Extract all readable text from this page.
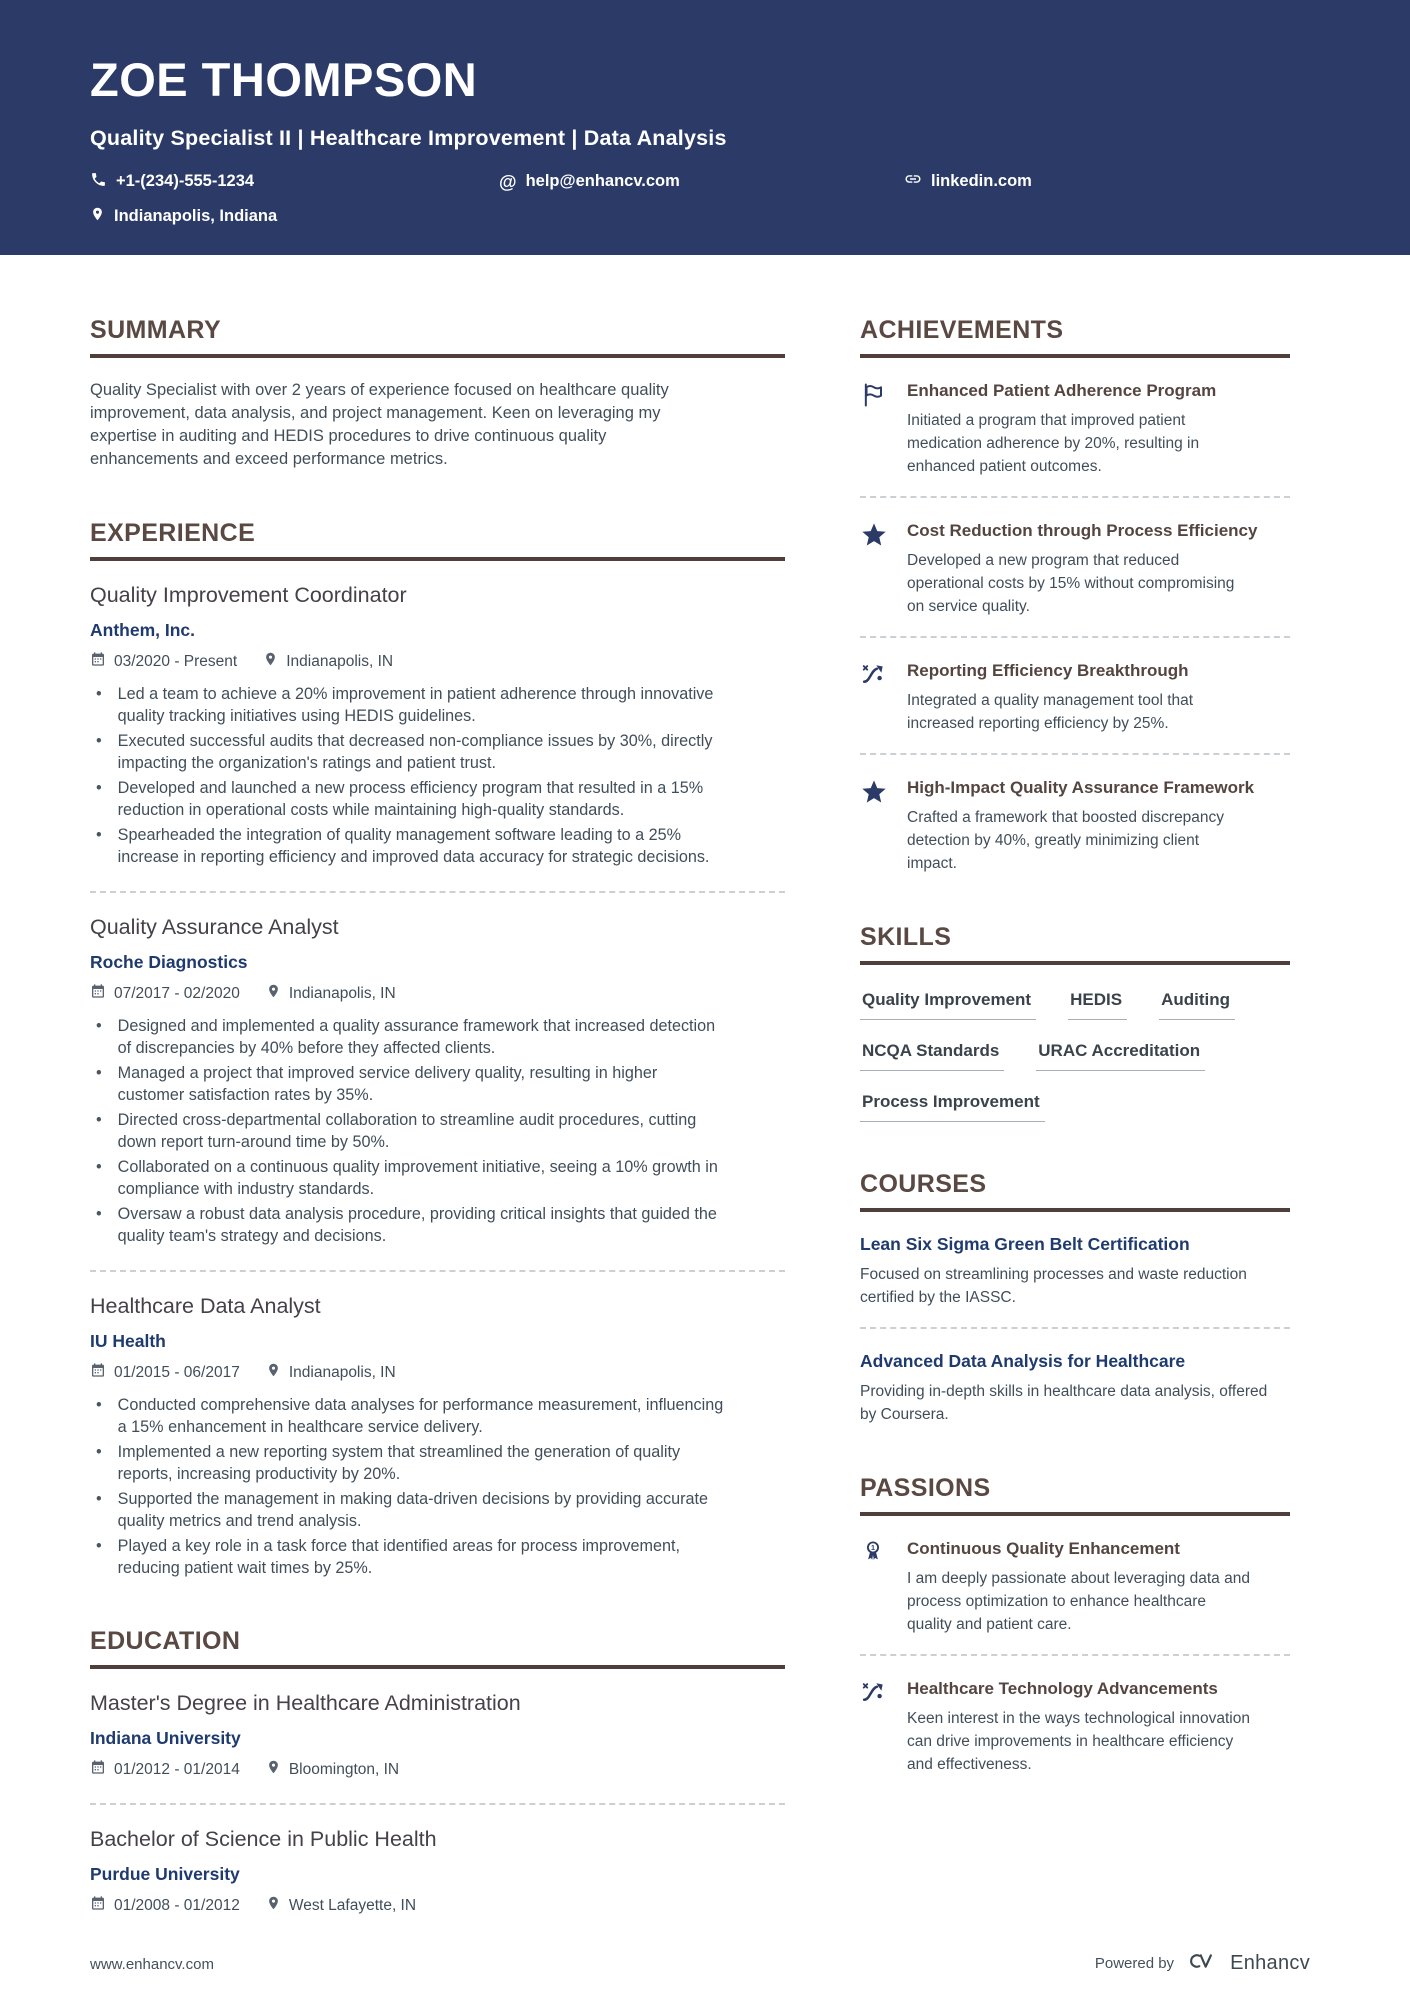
ZOE THOMPSON
Quality Specialist II | Healthcare Improvement | Data Analysis
+1-(234)-555-1234	@ help@enhancv.com	linkedin.com
Indianapolis, Indiana
SUMMARY

Quality Specialist with over 2 years of experience focused on healthcare quality improvement, data analysis, and project management. Keen on leveraging my expertise in auditing and HEDIS procedures to drive continuous quality enhancements and exceed performance metrics.

EXPERIENCE
Quality Improvement Coordinator
Anthem, Inc.
03/2020 - Present	Indianapolis, IN
• Led a team to achieve a 20% improvement in patient adherence through innovative quality tracking initiatives using HEDIS guidelines.
• Executed successful audits that decreased non-compliance issues by 30%, directly impacting the organization's ratings and patient trust.
• Developed and launched a new process efficiency program that resulted in a 15% reduction in operational costs while maintaining high-quality standards.
• Spearheaded the integration of quality management software leading to a 25% increase in reporting efficiency and improved data accuracy for strategic decisions.
Quality Assurance Analyst
Roche Diagnostics
07/2017 - 02/2020	Indianapolis, IN
• Designed and implemented a quality assurance framework that increased detection of discrepancies by 40% before they affected clients.
• Managed a project that improved service delivery quality, resulting in higher customer satisfaction rates by 35%.
• Directed cross-departmental collaboration to streamline audit procedures, cutting down report turn-around time by 50%.
• Collaborated on a continuous quality improvement initiative, seeing a 10% growth in compliance with industry standards.
• Oversaw a robust data analysis procedure, providing critical insights that guided the quality team's strategy and decisions.
Healthcare Data Analyst
IU Health
01/2015 - 06/2017	Indianapolis, IN
• Conducted comprehensive data analyses for performance measurement, influencing a 15% enhancement in healthcare service delivery.
• Implemented a new reporting system that streamlined the generation of quality reports, increasing productivity by 20%.
• Supported the management in making data-driven decisions by providing accurate quality metrics and trend analysis.
• Played a key role in a task force that identified areas for process improvement, reducing patient wait times by 25%.
EDUCATION
Master's Degree in Healthcare Administration
Indiana University
01/2012 - 01/2014	Bloomington, IN
Bachelor of Science in Public Health
Purdue University
01/2008 - 01/2012	West Lafayette, IN
ACHIEVEMENTS
Enhanced Patient Adherence Program

Initiated a program that improved patient medication adherence by 20%, resulting in enhanced patient outcomes.

Cost Reduction through Process Efficiency

Developed a new program that reduced operational costs by 15% without compromising on service quality.

Reporting Efficiency Breakthrough

Integrated a quality management tool that increased reporting efficiency by 25%.

High-Impact Quality Assurance Framework

Crafted a framework that boosted discrepancy detection by 40%, greatly minimizing client impact.

SKILLS
Quality Improvement HEDIS Auditing
NCQA Standards URAC Accreditation
Process Improvement
COURSES
Lean Six Sigma Green Belt Certification

Focused on streamlining processes and waste reduction certified by the IASSC.

Advanced Data Analysis for Healthcare

Providing in-depth skills in healthcare data analysis, offered by Coursera.

PASSIONS
1 Continuous Quality Enhancement

I am deeply passionate about leveraging data and process optimization to enhance healthcare quality and patient care.

Healthcare Technology Advancements

Keen interest in the ways technological innovation can drive improvements in healthcare efficiency and effectiveness.

www.enhancv.com	Powered by	Enhancv
